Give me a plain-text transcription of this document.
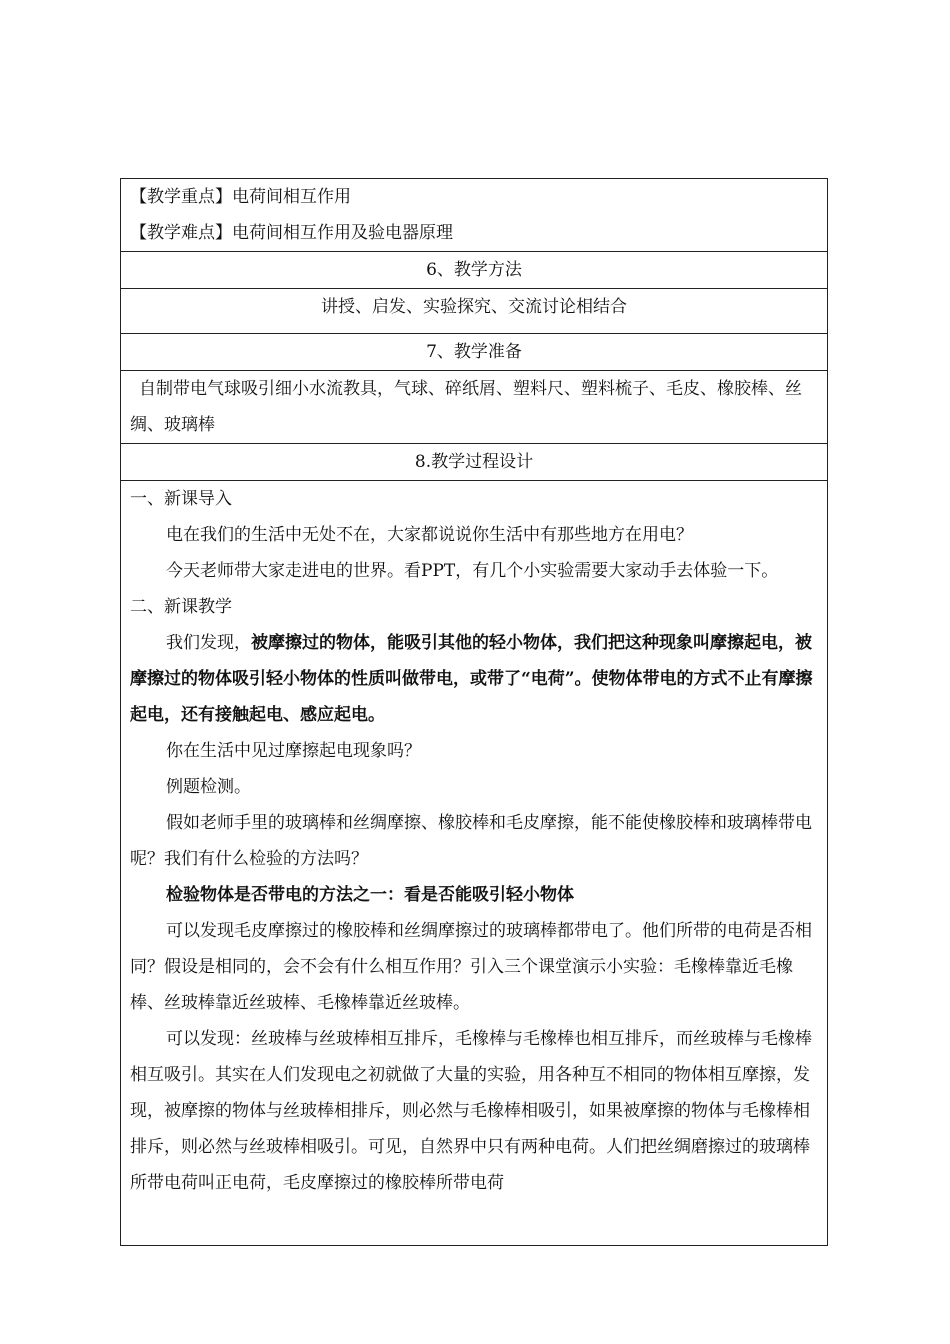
【教学重点】电荷间相互作用

【教学难点】电荷间相互作用及验电器原理

6、教学方法
讲授、启发、实验探究、交流讨论相结合
7、教学准备

自制带电气球吸引细小水流教具，气球、碎纸屑、塑料尺、塑料梳子、毛皮、橡胶棒、丝绸、玻璃棒

8.教学过程设计

一、新课导入

电在我们的生活中无处不在，大家都说说你生活中有那些地方在用电？

今天老师带大家走进电的世界。看PPT，有几个小实验需要大家动手去体验一下。

二、新课教学

我们发现，被摩擦过的物体，能吸引其他的轻小物体，我们把这种现象叫摩擦起电，被摩擦过的物体吸引轻小物体的性质叫做带电，或带了“电荷”。使物体带电的方式不止有摩擦起电，还有接触起电、感应起电。

你在生活中见过摩擦起电现象吗？

例题检测。

假如老师手里的玻璃棒和丝绸摩擦、橡胶棒和毛皮摩擦，能不能使橡胶棒和玻璃棒带电呢？我们有什么检验的方法吗？

检验物体是否带电的方法之一：看是否能吸引轻小物体

可以发现毛皮摩擦过的橡胶棒和丝绸摩擦过的玻璃棒都带电了。他们所带的电荷是否相同？假设是相同的，会不会有什么相互作用？引入三个课堂演示小实验：毛橡棒靠近毛橡棒、丝玻棒靠近丝玻棒、毛橡棒靠近丝玻棒。

可以发现：丝玻棒与丝玻棒相互排斥，毛橡棒与毛橡棒也相互排斥，而丝玻棒与毛橡棒相互吸引。其实在人们发现电之初就做了大量的实验，用各种互不相同的物体相互摩擦，发现，被摩擦的物体与丝玻棒相排斥，则必然与毛橡棒相吸引，如果被摩擦的物体与毛橡棒相排斥，则必然与丝玻棒相吸引。可见，自然界中只有两种电荷。人们把丝绸磨擦过的玻璃棒所带电荷叫正电荷，毛皮摩擦过的橡胶棒所带电荷
